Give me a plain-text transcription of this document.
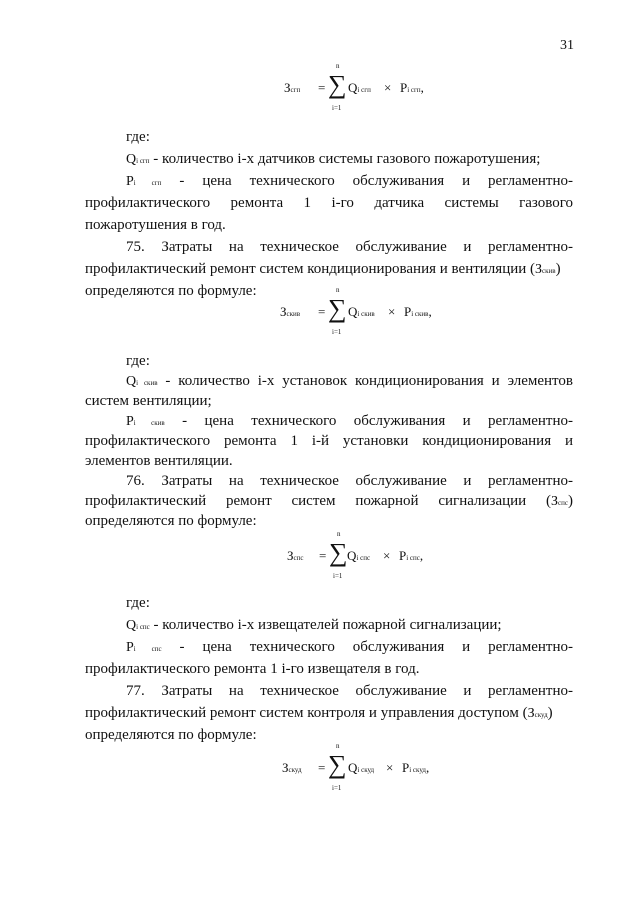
31
Зсгп =
n
∑
i=1
Qi сгп × Pi сгп,
где:
Qi сгп - количество i-х датчиков системы газового пожаротушения;
Pi сгп - цена технического обслуживания и регламентно-
профилактического ремонта 1 i-го датчика системы газового
пожаротушения в год.
75. Затраты на техническое обслуживание и регламентно-
профилактический ремонт систем кондиционирования и вентиляции (Зскив)
определяются по формуле:
Зскив =
n
∑
i=1
Qi скив × Pi скив,
где:
Qi скив - количество i-х установок кондиционирования и элементов
систем вентиляции;
Pi скив - цена технического обслуживания и регламентно-
профилактического ремонта 1 i-й установки кондиционирования и
элементов вентиляции.
76. Затраты на техническое обслуживание и регламентно-
профилактический ремонт систем пожарной сигнализации (Зспс)
определяются по формуле:
Зспс =
n
∑
i=1
Qi спс × Pi спс,
где:
Qi спс - количество i-х извещателей пожарной сигнализации;
Pi спс - цена технического обслуживания и регламентно-
профилактического ремонта 1 i-го извещателя в год.
77. Затраты на техническое обслуживание и регламентно-
профилактический ремонт систем контроля и управления доступом (Зскуд)
определяются по формуле:
Зскуд =
n
∑
i=1
Qi скуд × Pi скуд,
